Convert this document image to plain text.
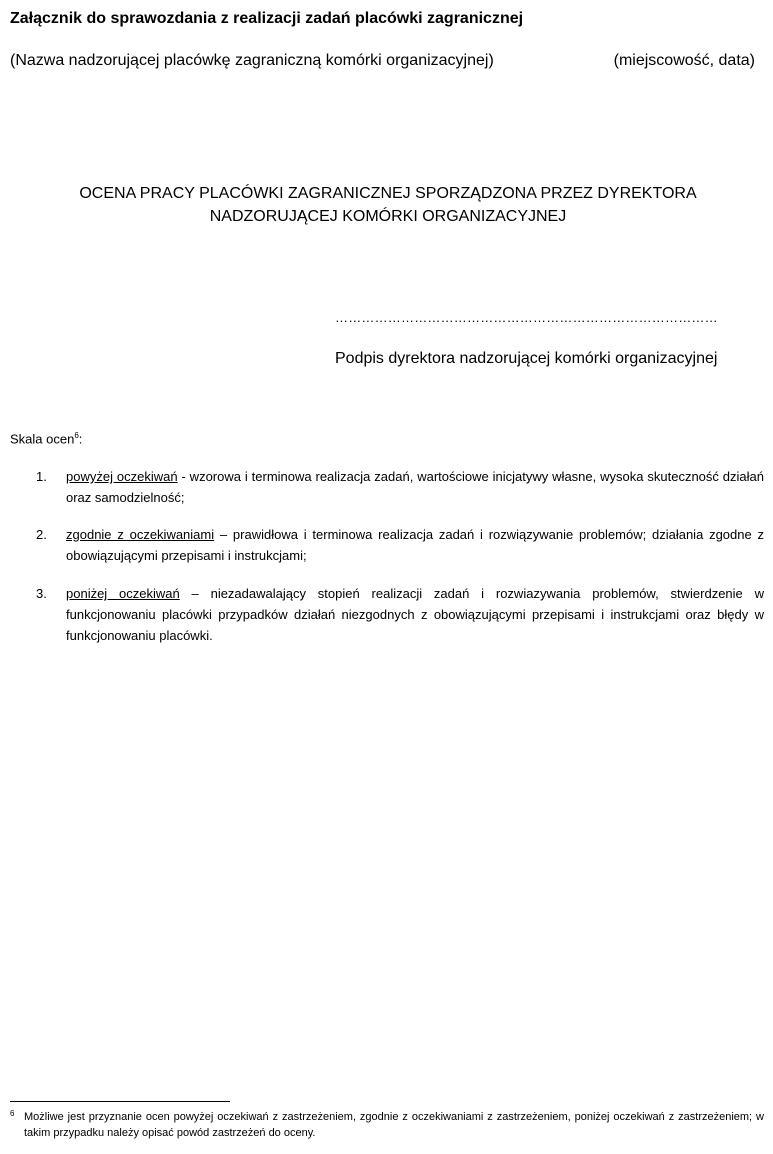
Załącznik do sprawozdania z realizacji zadań placówki zagranicznej
(Nazwa nadzorującej placówkę zagraniczną komórki organizacyjnej)	(miejscowość, data)
OCENA PRACY PLACÓWKI ZAGRANICZNEJ SPORZĄDZONA PRZEZ DYREKTORA NADZORUJĄCEJ KOMÓRKI ORGANIZACYJNEJ
……………………………………………………………………………
Podpis dyrektora nadzorującej komórki organizacyjnej
Skala ocen$^6$:
1.	powyżej oczekiwań - wzorowa i terminowa realizacja zadań, wartościowe inicjatywy własne, wysoka skuteczność działań oraz samodzielność;
2.	zgodnie z oczekiwaniami – prawidłowa i terminowa realizacja zadań i rozwiązywanie problemów; działania zgodne z obowiązującymi przepisami i instrukcjami;
3.	poniżej oczekiwań – niezadawalający stopień realizacji zadań i rozwiazywania problemów, stwierdzenie w funkcjonowaniu placówki przypadków działań niezgodnych z obowiązującymi przepisami i instrukcjami oraz błędy w funkcjonowaniu placówki.
6 Możliwe jest przyznanie ocen powyżej oczekiwań z zastrzeżeniem, zgodnie z oczekiwaniami z zastrzeżeniem, poniżej oczekiwań z zastrzeżeniem; w takim przypadku należy opisać powód zastrzeżeń do oceny.
